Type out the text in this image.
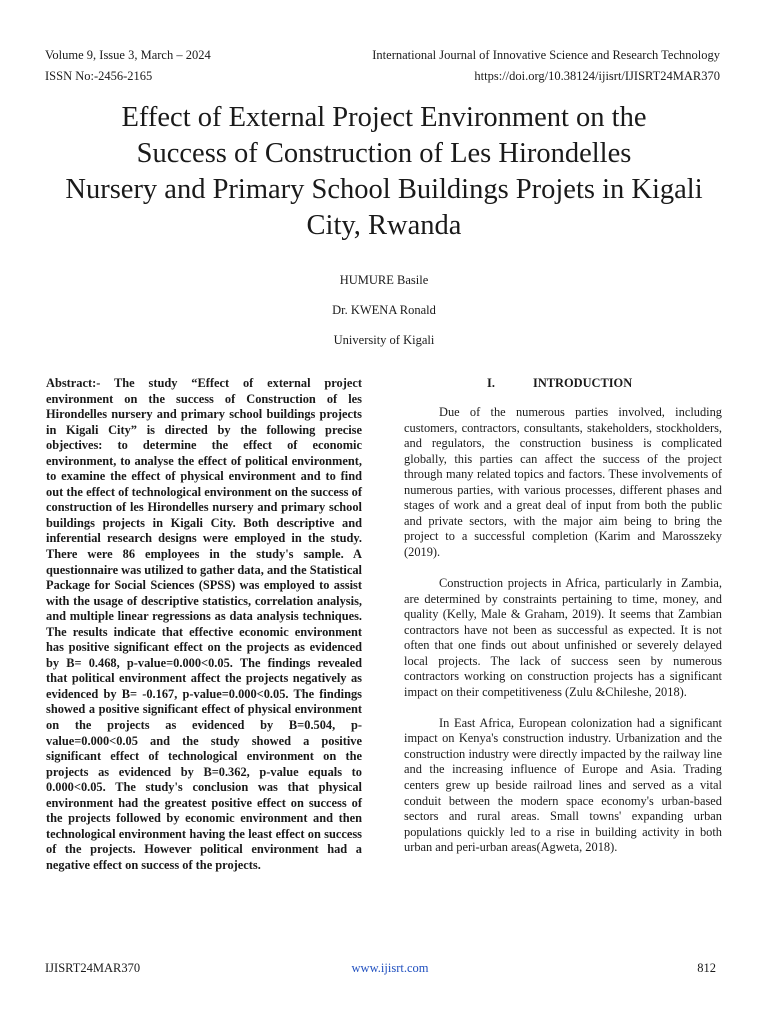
Volume 9, Issue 3, March – 2024
ISSN No:-2456-2165
International Journal of Innovative Science and Research Technology
https://doi.org/10.38124/ijisrt/IJISRT24MAR370
Effect of External Project Environment on the
Success of Construction of Les Hirondelles
Nursery and Primary School Buildings Projets in Kigali
City, Rwanda
HUMURE Basile
Dr. KWENA Ronald
University of Kigali

Abstract:- The study “Effect of external project environment on the success of Construction of les Hirondelles nursery and primary school buildings projects in Kigali City” is directed by the following precise objectives: to determine the effect of economic environment, to analyse the effect of political environment, to examine the effect of physical environment and to find out the effect of technological environment on the success of construction of les Hirondelles nursery and primary school buildings projects in Kigali City. Both descriptive and inferential research designs were employed in the study. There were 86 employees in the study's sample. A questionnaire was utilized to gather data, and the Statistical Package for Social Sciences (SPSS) was employed to assist with the usage of descriptive statistics, correlation analysis, and multiple linear regressions as data analysis techniques. The results indicate that effective economic environment has positive significant effect on the projects as evidenced by B= 0.468, p-value=0.000<0.05. The findings revealed that political environment affect the projects negatively as evidenced by B= -0.167, p-value=0.000<0.05. The findings showed a positive significant effect of physical environment on the projects as evidenced by B=0.504, p-value=0.000<0.05 and the study showed a positive significant effect of technological environment on the projects as evidenced by B=0.362, p-value equals to 0.000<0.05. The study's conclusion was that physical environment had the greatest positive effect on success of the projects followed by economic environment and then technological environment having the least effect on success of the projects. However political environment had a negative effect on success of the projects.

I.	INTRODUCTION

Due of the numerous parties involved, including customers, contractors, consultants, stakeholders, stockholders, and regulators, the construction business is complicated globally, this parties can affect the success of the project through many related topics and factors. These involvements of numerous parties, with various processes, different phases and stages of work and a great deal of input from both the public and private sectors, with the major aim being to bring the project to a successful completion (Karim and Marosszeky (2019).

Construction projects in Africa, particularly in Zambia, are determined by constraints pertaining to time, money, and quality (Kelly, Male & Graham, 2019). It seems that Zambian contractors have not been as successful as expected. It is not often that one finds out about unfinished or severely delayed local projects. The lack of success seen by numerous contractors working on construction projects has a significant impact on their competitiveness (Zulu &Chileshe, 2018).

In East Africa, European colonization had a significant impact on Kenya's construction industry. Urbanization and the construction industry were directly impacted by the railway line and the increasing influence of Europe and Asia. Trading centers grew up beside railroad lines and served as a vital conduit between the modern space economy's urban-based sectors and rural areas. Small towns' expanding urban populations quickly led to a rise in building activity in both urban and peri-urban areas(Agweta, 2018).

IJISRT24MAR370	www.ijisrt.com	812
